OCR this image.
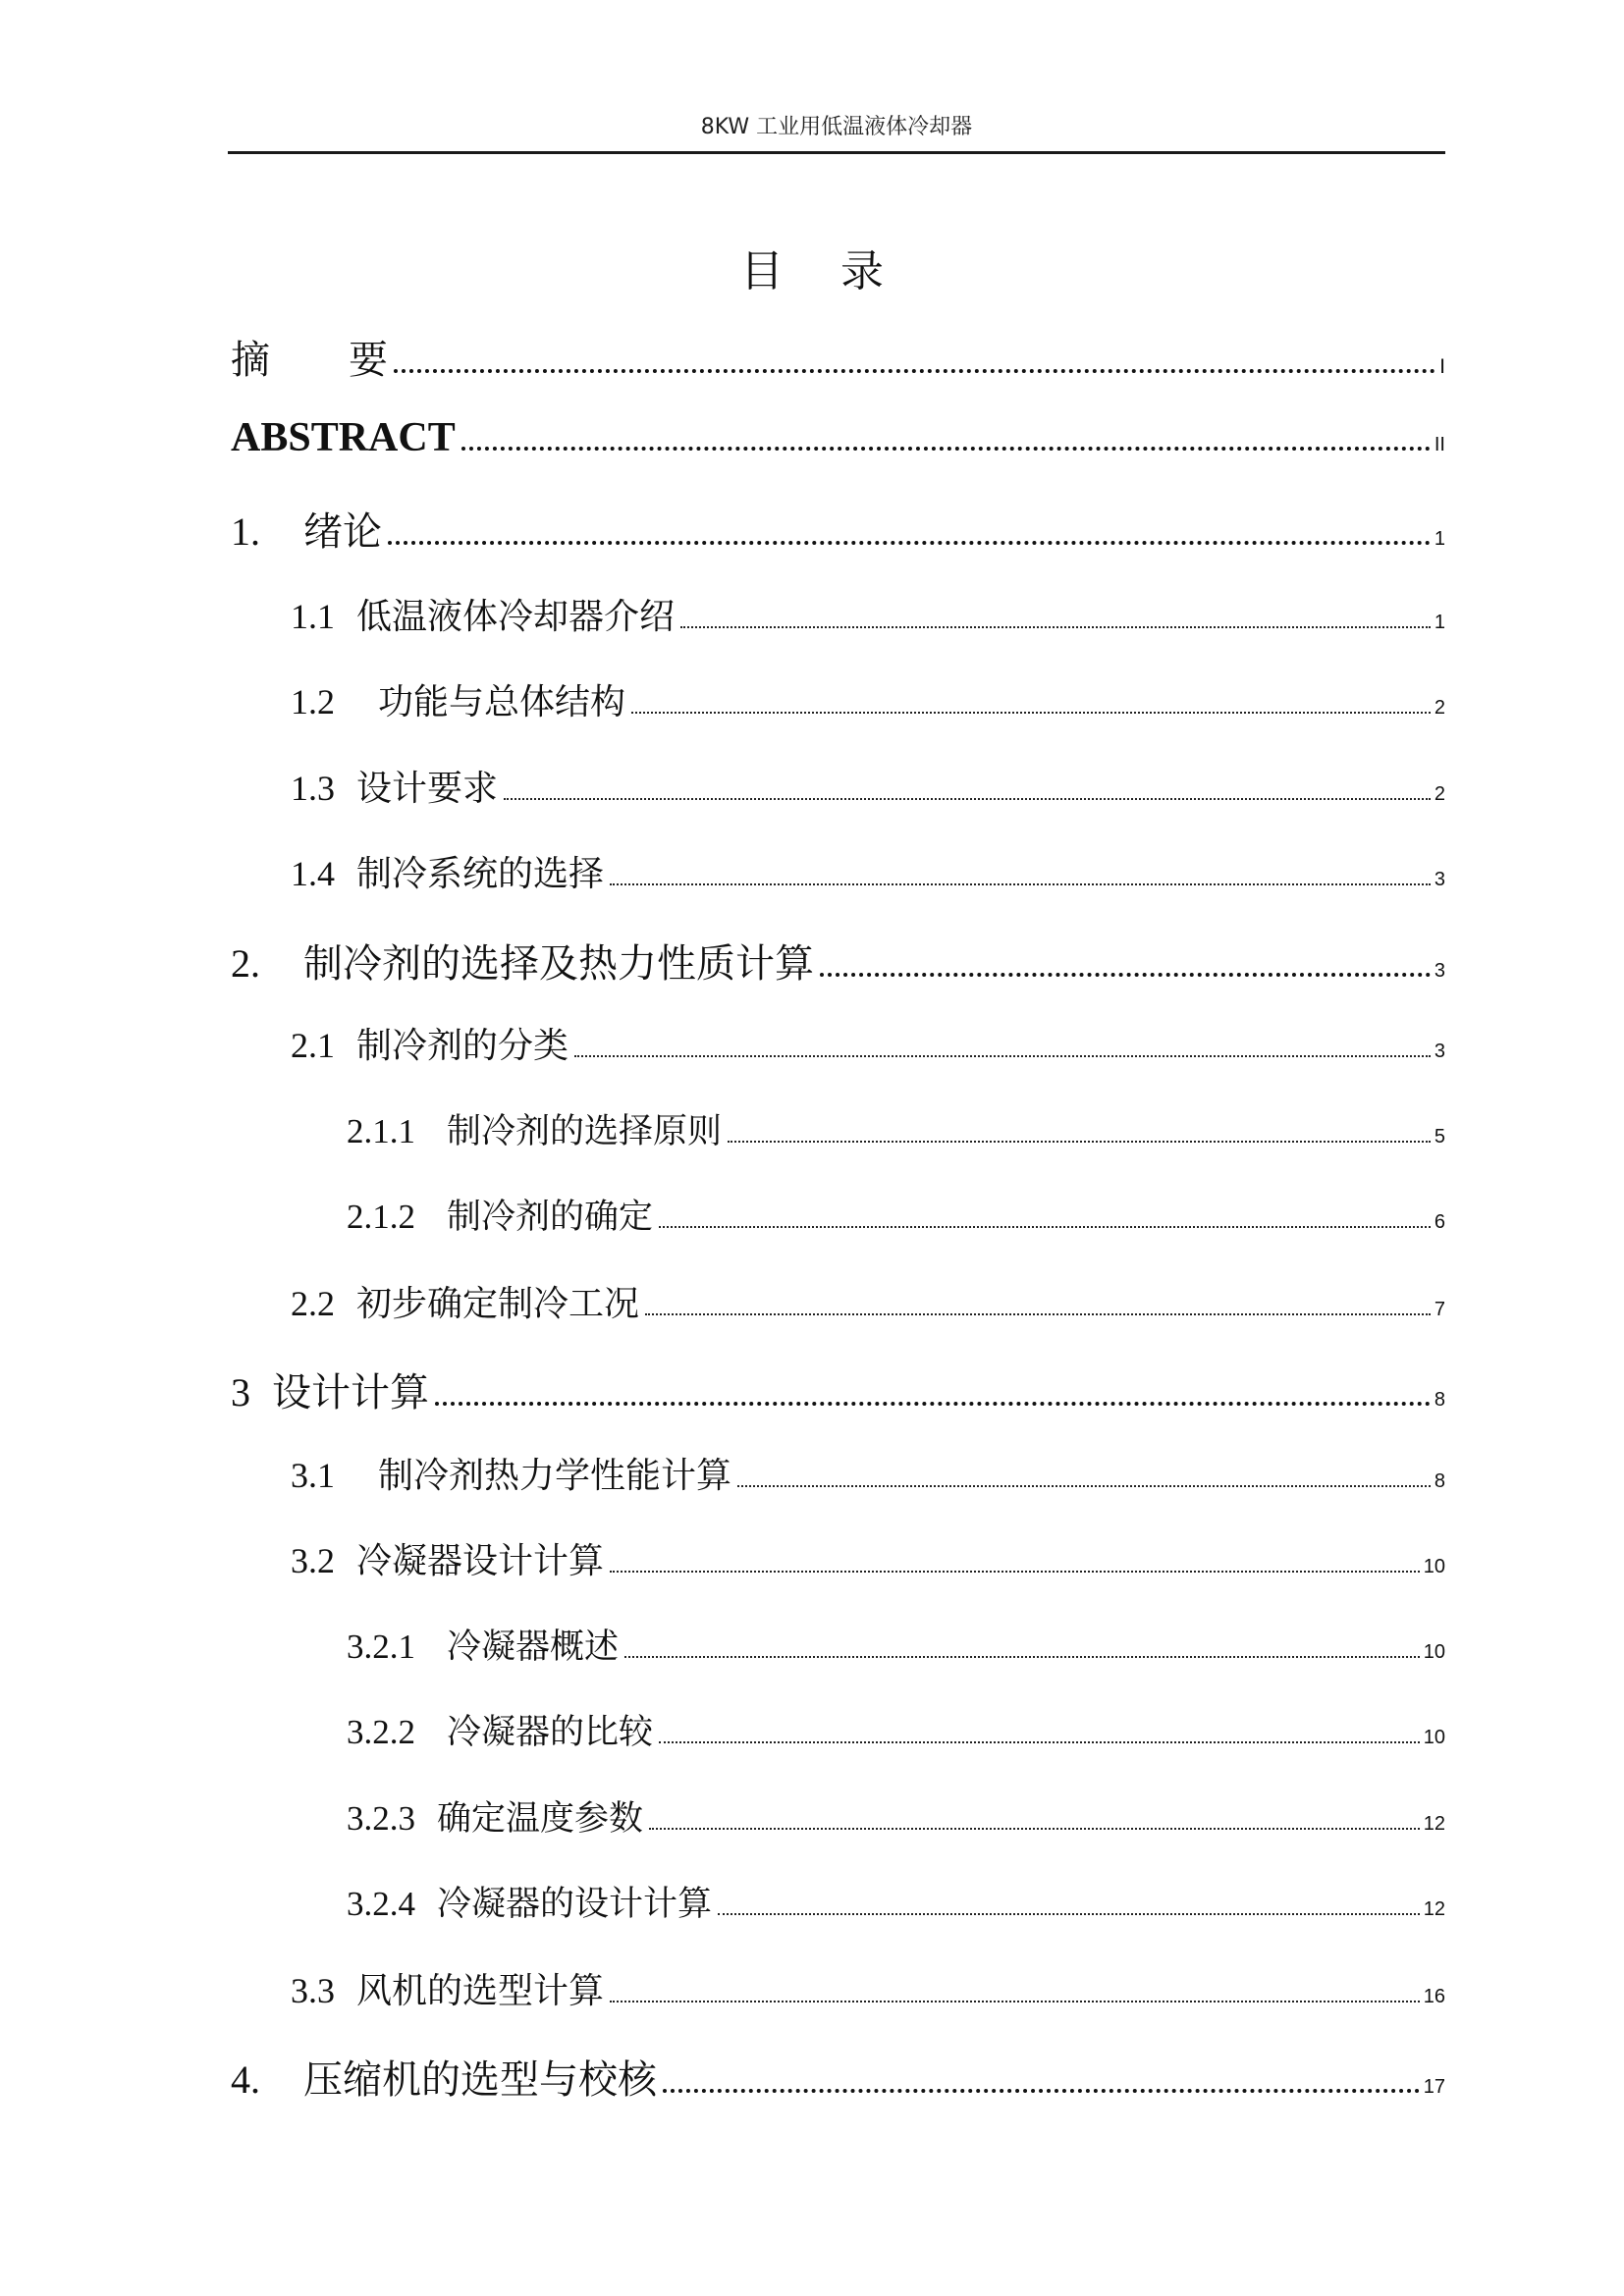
8KW 工业用低温液体冷却器
目 录
摘　　要	Ⅰ
ABSTRACT	II
1. 绪论	1
1.1 低温液体冷却器介绍	1
1.2 功能与总体结构	2
1.3 设计要求	2
1.4 制冷系统的选择	3
2. 制冷剂的选择及热力性质计算	3
2.1 制冷剂的分类	3
2.1.1 制冷剂的选择原则	5
2.1.2 制冷剂的确定	6
2.2 初步确定制冷工况	7
3 设计计算	8
3.1 制冷剂热力学性能计算	8
3.2 冷凝器设计计算	10
3.2.1 冷凝器概述	10
3.2.2 冷凝器的比较	10
3.2.3 确定温度参数	12
3.2.4 冷凝器的设计计算	12
3.3 风机的选型计算	16
4. 压缩机的选型与校核	17
